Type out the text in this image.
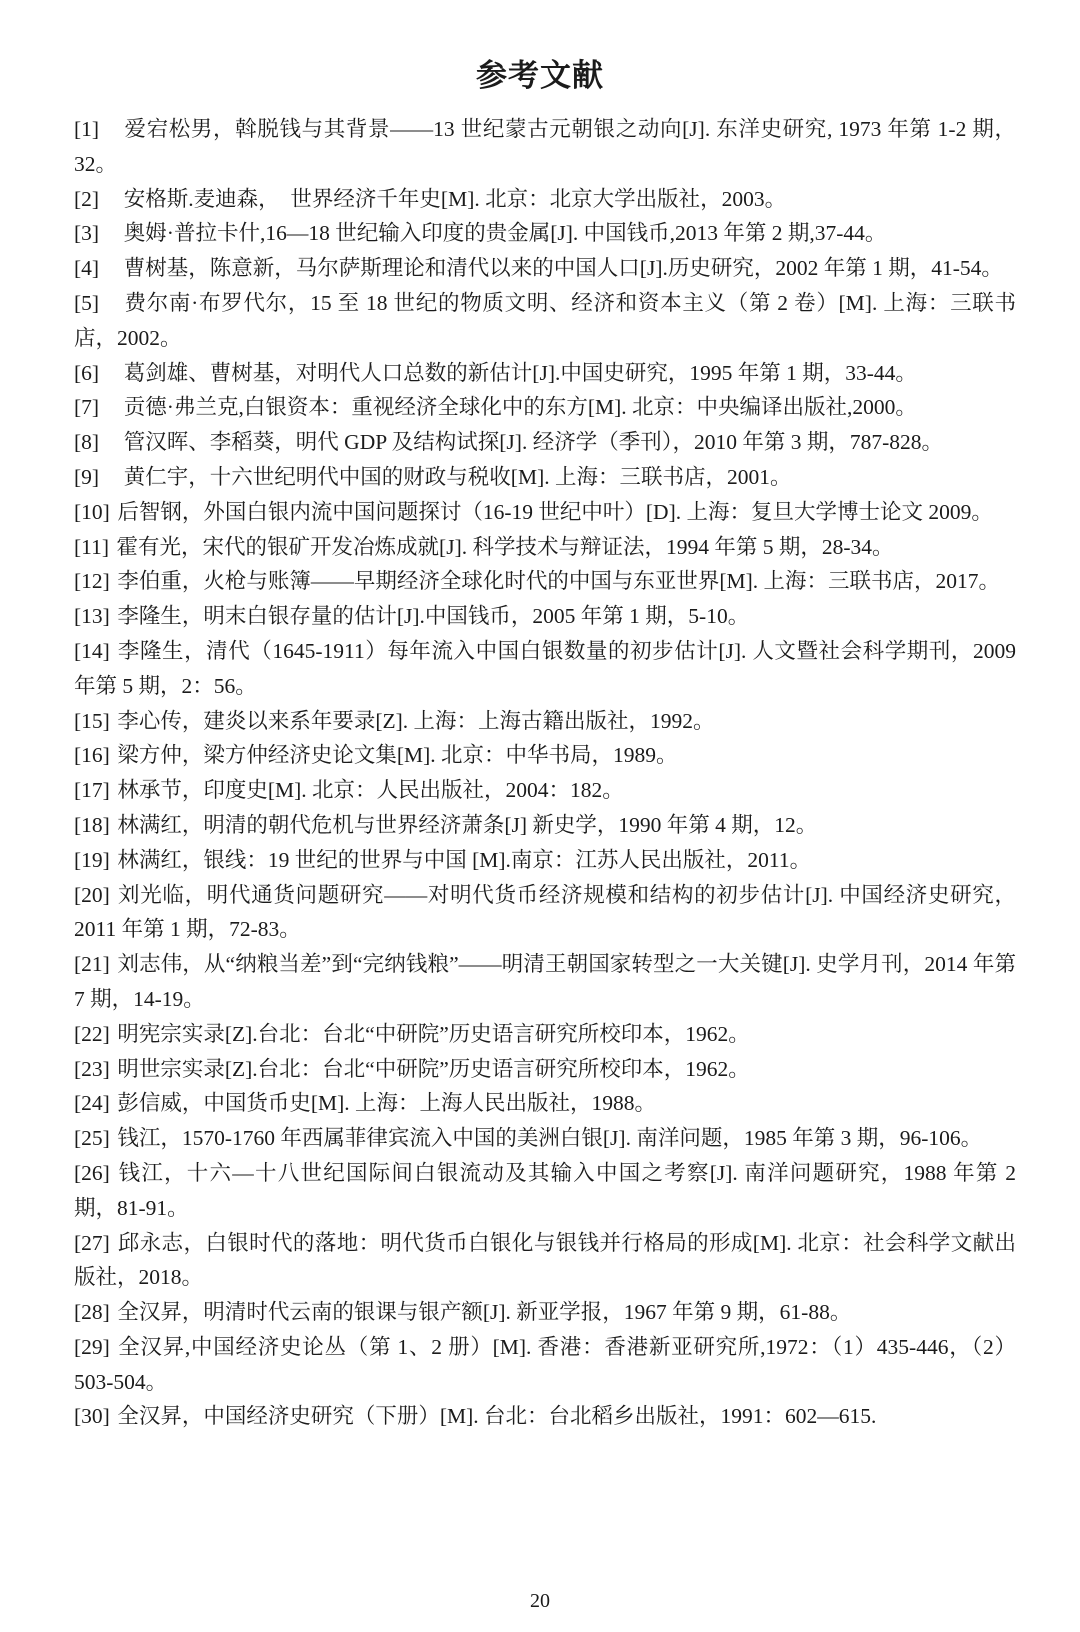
参考文献

[1] 爱宕松男，斡脱钱与其背景——13 世纪蒙古元朝银之动向[J]. 东洋史研究, 1973 年第 1-2 期，32。

[2] 安格斯.麦迪森，　世界经济千年史[M]. 北京：北京大学出版社，2003。

[3] 奥姆·普拉卡什,16—18 世纪输入印度的贵金属[J]. 中国钱币,2013 年第 2 期,37-44。

[4] 曹树基，陈意新，马尔萨斯理论和清代以来的中国人口[J].历史研究，2002 年第 1 期，41-54。

[5] 费尔南·布罗代尔，15 至 18 世纪的物质文明、经济和资本主义（第 2 卷）[M]. 上海：三联书店，2002。

[6] 葛剑雄、曹树基，对明代人口总数的新估计[J].中国史研究，1995 年第 1 期，33-44。

[7] 贡德·弗兰克,白银资本：重视经济全球化中的东方[M]. 北京：中央编译出版社,2000。

[8] 管汉晖、李稻葵，明代 GDP 及结构试探[J]. 经济学（季刊），2010 年第 3 期，787-828。

[9] 黄仁宇，十六世纪明代中国的财政与税收[M]. 上海：三联书店，2001。

[10] 后智钢，外国白银内流中国问题探讨（16-19 世纪中叶）[D]. 上海：复旦大学博士论文 2009。

[11] 霍有光，宋代的银矿开发冶炼成就[J]. 科学技术与辩证法，1994 年第 5 期，28-34。

[12] 李伯重，火枪与账簿——早期经济全球化时代的中国与东亚世界[M]. 上海：三联书店，2017。

[13] 李隆生，明末白银存量的估计[J].中国钱币，2005 年第 1 期，5-10。

[14] 李隆生，清代（1645-1911）每年流入中国白银数量的初步估计[J]. 人文暨社会科学期刊，2009 年第 5 期，2：56。

[15] 李心传，建炎以来系年要录[Z]. 上海：上海古籍出版社，1992。

[16] 梁方仲，梁方仲经济史论文集[M]. 北京：中华书局，1989。

[17] 林承节，印度史[M]. 北京：人民出版社，2004：182。

[18] 林满红，明清的朝代危机与世界经济萧条[J] 新史学，1990 年第 4 期，12。

[19] 林满红，银线：19 世纪的世界与中国 [M].南京：江苏人民出版社，2011。

[20] 刘光临，明代通货问题研究——对明代货币经济规模和结构的初步估计[J]. 中国经济史研究，2011 年第 1 期，72-83。

[21] 刘志伟，从“纳粮当差”到“完纳钱粮”——明清王朝国家转型之一大关键[J]. 史学月刊，2014 年第 7 期，14-19。

[22] 明宪宗实录[Z].台北：台北“中研院”历史语言研究所校印本，1962。

[23] 明世宗实录[Z].台北：台北“中研院”历史语言研究所校印本，1962。

[24] 彭信威，中国货币史[M]. 上海：上海人民出版社，1988。

[25] 钱江，1570-1760 年西属菲律宾流入中国的美洲白银[J]. 南洋问题，1985 年第 3 期，96-106。

[26] 钱江，十六—十八世纪国际间白银流动及其输入中国之考察[J]. 南洋问题研究，1988 年第 2 期，81-91。

[27] 邱永志，白银时代的落地：明代货币白银化与银钱并行格局的形成[M]. 北京：社会科学文献出版社，2018。

[28] 全汉昇，明清时代云南的银课与银产额[J]. 新亚学报，1967 年第 9 期，61-88。

[29] 全汉昇,中国经济史论丛（第 1、2 册）[M]. 香港：香港新亚研究所,1972：（1）435-446，（2）503-504。

[30] 全汉昇，中国经济史研究（下册）[M]. 台北：台北稻乡出版社，1991：602—615.

20
